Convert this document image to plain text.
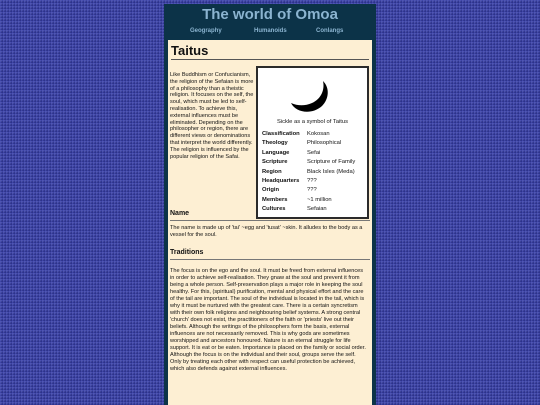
The world of Omoa
Geography	Humanoids	Conlangs
Taitus

Like Buddhism or Confucianism, the religion of the Sefaian is more of a philosophy than a theistic religion. It focuses on the self, the soul, which must be led to self-realisation. To achieve this, external influences must be eliminated. Depending on the philosopher or region, there are different views or denominations that interpret the world differently. The religion is influenced by the popular religion of the Safai.

Sickle as a symbol of Taitus
Classification Kokosan
Theology	Philosophical
Language	Sefai
Scripture	Scripture of Family
Region	Black Isles (Meda)
Headquarters ???
Origin	???
Members	~1 million
Cultures	Sefaian
Name

The name is made up of 'tai' ~egg and 'tusat' ~skin. It alludes to the body as a vessel for the soul.

Traditions

The focus is on the ego and the soul. It must be freed from external influences in order to achieve self-realisation. They gnaw at the soul and prevent it from being a whole person. Self-preservation plays a major role in keeping the soul healthy. For this, (spiritual) purification, mental and physical effort and the care of the tail are important. The soul of the individual is located in the tail, which is why it must be nurtured with the greatest care. There is a certain syncretism with their own folk religions and neighbouring belief systems. A strong central 'church' does not exist, the practitioners of the faith or 'priests' live out their beliefs. Although the writings of the philosophers form the basis, external influences are not necessarily removed. This is why gods are sometimes worshipped and ancestors honoured. Nature is an eternal struggle for life support. It is eat or be eaten. Importance is placed on the family or social order. Although the focus is on the individual and their soul, groups serve the self. Only by treating each other with respect can useful protection be achieved, which also defends against external influences.
